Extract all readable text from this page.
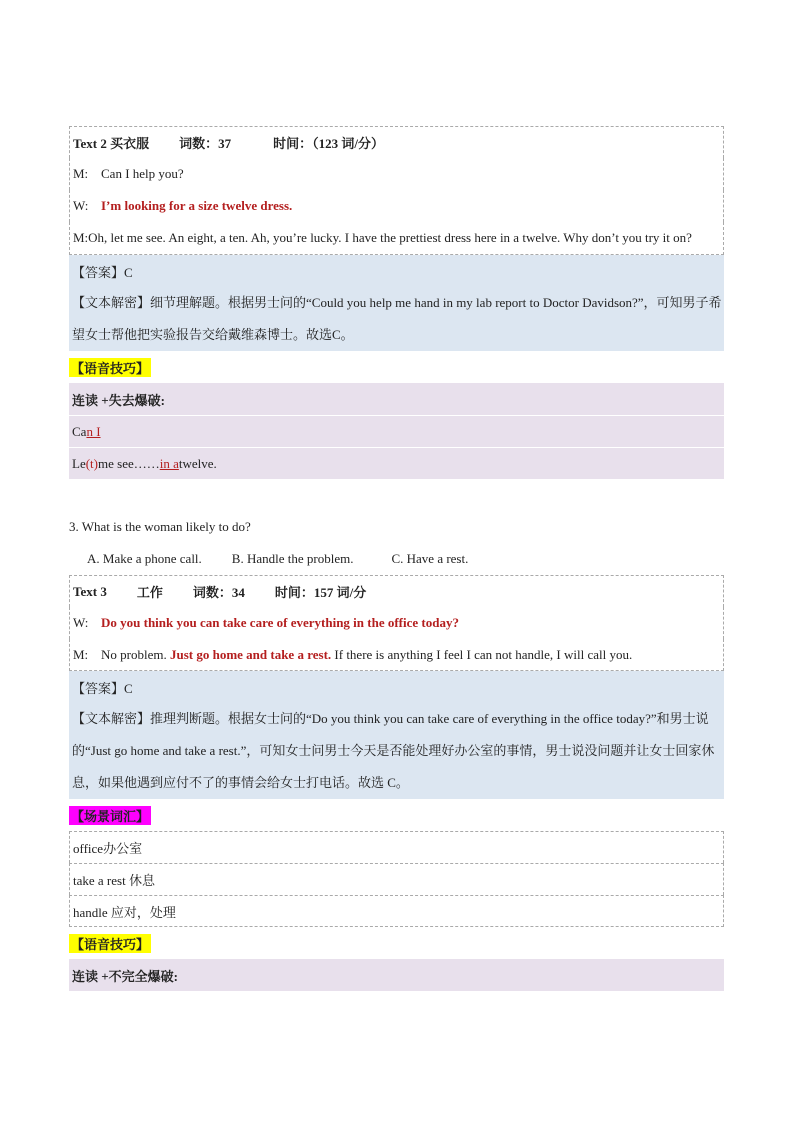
Text 2 买衣服 词数：37	时间：（123 词/分）
M: Can I help you?
W: I’m looking for a size twelve dress.
M:Oh, let me see. An eight, a ten. Ah, you’re lucky. I have the prettiest dress here in a twelve. Why don’t you try it on?
【答案】C
【文本解密】细节理解题。根据男士问的“Could you help me hand in my lab report to Doctor Davidson?”，可知男子希望女士帮他把实验报告交给戴维森博士。故选C。
【语音技巧】
连读 +失去爆破:
Ca n I
Le (t) me see…… in a twelve.
3. What is the woman likely to do?
A. Make a phone call. B. Handle the problem.	C. Have a rest.
Text 3 工作 词数：34 时间：157 词/分
W: Do you think you can take care of everything in the office today?
M: No problem. Just go home and take a rest. If there is anything I feel I can not handle, I will call you.
【答案】C
【文本解密】推理判断题。根据女士问的“Do you think you can take care of everything in the office today?”和男士说的“Just go home and take a rest.”，可知女士问男士今天是否能处理好办公室的事情，男士说没问题并让女士回家休息，如果他遇到应付不了的事情会给女士打电话。故选 C。
【场景词汇】
office办公室
take a rest 休息
handle 应对，处理
【语音技巧】
连读 +不完全爆破:
